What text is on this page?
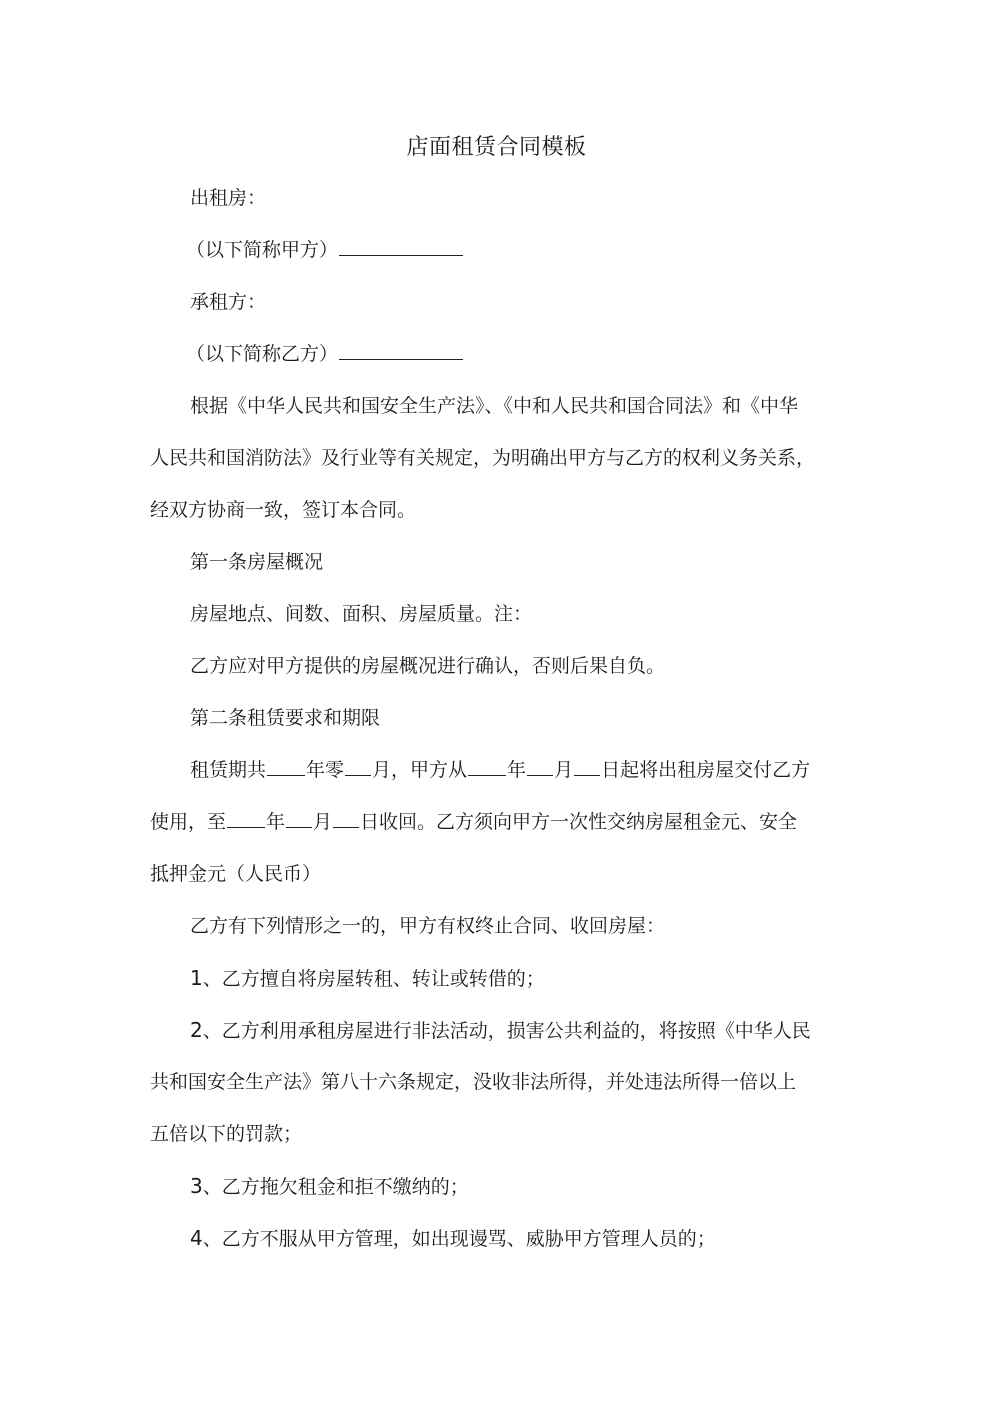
店面租赁合同模板
出租房：
（以下简称甲方）
承租方：
（以下简称乙方）
根据《中华人民共和国安全生产法》、《中和人民共和国合同法》和《中华
人民共和国消防法》及行业等有关规定，为明确出甲方与乙方的权利义务关系，
经双方协商一致，签订本合同。
第一条房屋概况
房屋地点、间数、面积、房屋质量。注：
乙方应对甲方提供的房屋概况进行确认，否则后果自负。
第二条租赁要求和期限
租赁期共 年零 月，甲方从 年 月 日起将出租房屋交付乙方
使用，至 年 月 日收回。乙方须向甲方一次性交纳房屋租金元、安全
抵押金元（人民币）
乙方有下列情形之一的，甲方有权终止合同、收回房屋：
1、乙方擅自将房屋转租、转让或转借的；
2、乙方利用承租房屋进行非法活动，损害公共利益的，将按照《中华人民
共和国安全生产法》第八十六条规定，没收非法所得，并处违法所得一倍以上
五倍以下的罚款；
3、乙方拖欠租金和拒不缴纳的；
4、乙方不服从甲方管理，如出现谩骂、威胁甲方管理人员的；
